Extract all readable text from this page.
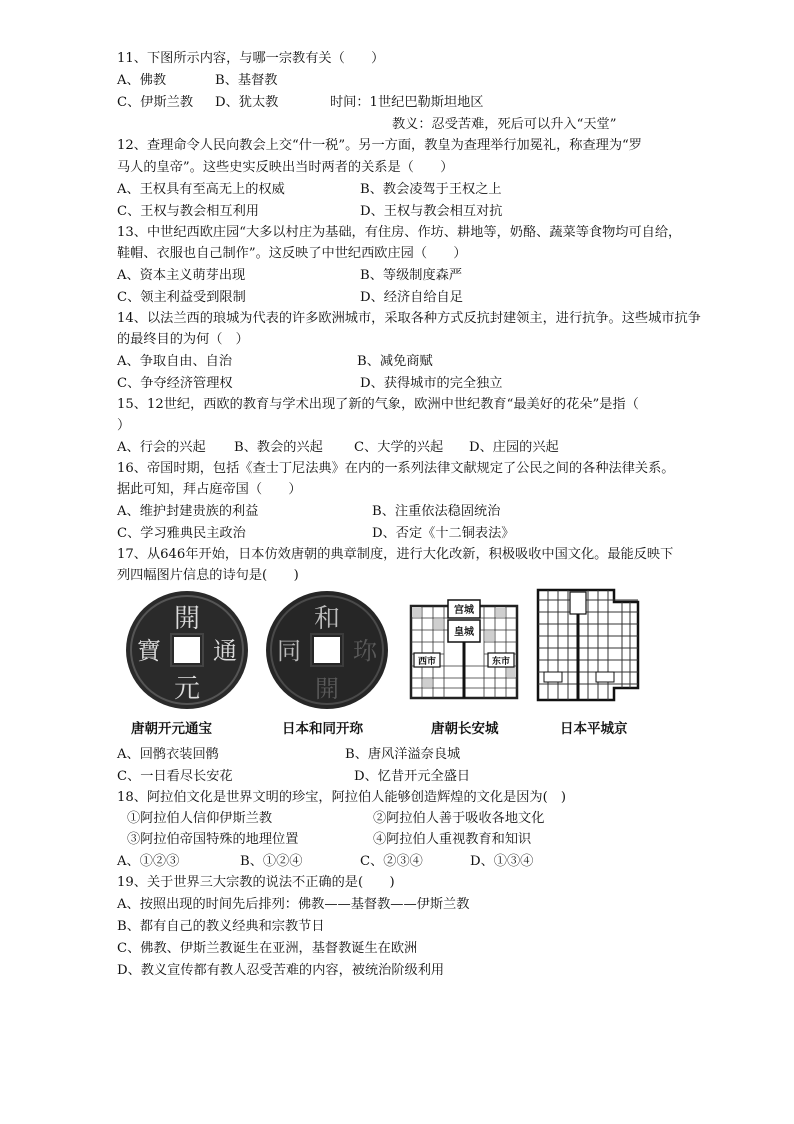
11、下图所示内容，与哪一宗教有关（　　）
A、佛教	B、基督教
C、伊斯兰教 D、犹太教	时间：1世纪巴勒斯坦地区
教义：忍受苦难，死后可以升入“天堂”
12、查理命令人民向教会上交“什一税”。另一方面，教皇为查理举行加冕礼，称查理为“罗
马人的皇帝”。这些史实反映出当时两者的关系是（　　）
A、王权具有至高无上的权威	B、教会凌驾于王权之上
C、王权与教会相互利用	D、王权与教会相互对抗
13、中世纪西欧庄园“大多以村庄为基础，有住房、作坊、耕地等，奶酪、蔬菜等食物均可自给，
鞋帽、衣服也自己制作”。这反映了中世纪西欧庄园（　　）
A、资本主义萌芽出现	B、等级制度森严
C、领主利益受到限制	D、经济自给自足
14、以法兰西的琅城为代表的许多欧洲城市，采取各种方式反抗封建领主，进行抗争。这些城市抗争
的最终目的为何（　）
A、争取自由、自治	B、减免商赋
C、争夺经济管理权	D、获得城市的完全独立
15、12世纪，西欧的教育与学术出现了新的气象，欧洲中世纪教育“最美好的花朵”是指（
）
A、行会的兴起 B、教会的兴起 C、大学的兴起 D、庄园的兴起
16、帝国时期，包括《查士丁尼法典》在内的一系列法律文献规定了公民之间的各种法律关系。
据此可知，拜占庭帝国（　　）
A、维护封建贵族的利益	B、注重依法稳固统治
C、学习雅典民主政治	D、否定《十二铜表法》
17、从646年开始，日本仿效唐朝的典章制度，进行大化改新，积极吸收中国文化。最能反映下
列四幅图片信息的诗句是(　　)
開
元
通
寶
和
開
珎
同
宫城
皇城
西市	东市
唐朝开元通宝	日本和同开珎	唐朝长安城	日本平城京
A、回鹘衣装回鹘	B、唐风洋溢奈良城
C、一日看尽长安花	D、忆昔开元全盛日
18、阿拉伯文化是世界文明的珍宝，阿拉伯人能够创造辉煌的文化是因为(　)
①阿拉伯人信仰伊斯兰教	②阿拉伯人善于吸收各地文化
③阿拉伯帝国特殊的地理位置	④阿拉伯人重视教育和知识
A、①②③	B、①②④	C、②③④	D、①③④
19、关于世界三大宗教的说法不正确的是(　　)
A、按照出现的时间先后排列：佛教——基督教——伊斯兰教
B、都有自己的教义经典和宗教节日
C、佛教、伊斯兰教诞生在亚洲，基督教诞生在欧洲
D、教义宣传都有教人忍受苦难的内容，被统治阶级利用
